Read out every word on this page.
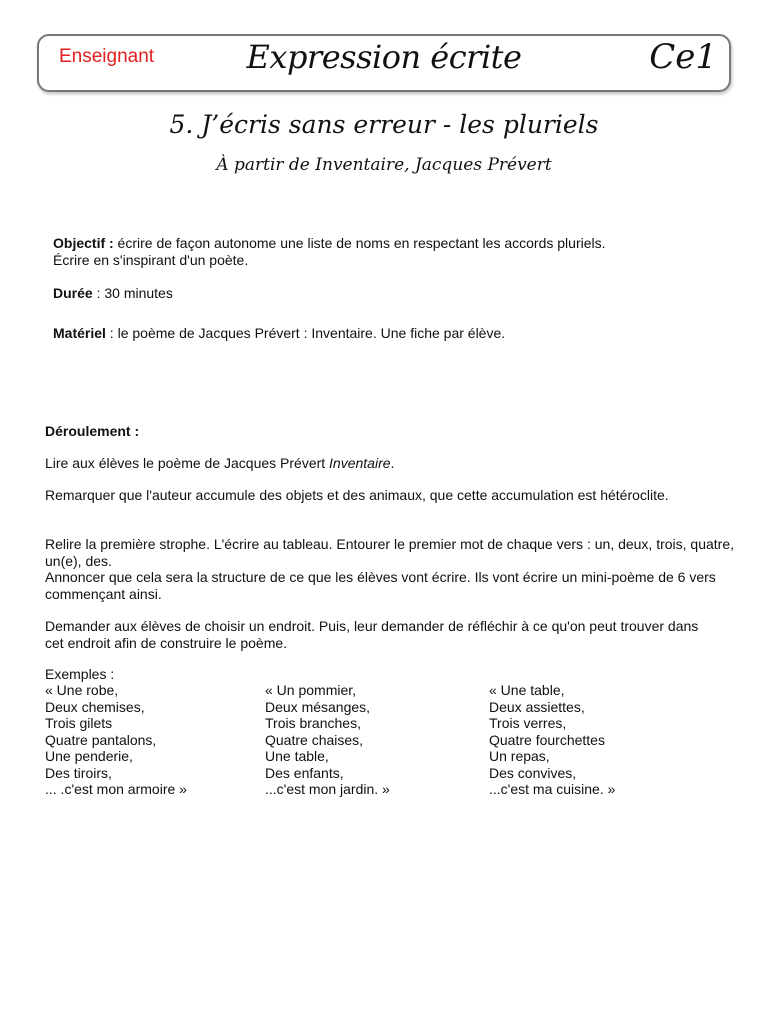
Enseignant	Expression écrite	Ce1
5. J’écris sans erreur - les pluriels
À partir de Inventaire, Jacques Prévert
Objectif : écrire de façon autonome une liste de noms en respectant les accords pluriels.
Écrire en s'inspirant d'un poète.
Durée : 30 minutes
Matériel : le poème de Jacques Prévert : Inventaire. Une fiche par élève.
Déroulement :

Lire aux élèves le poème de Jacques Prévert Inventaire.

Remarquer que l'auteur accumule des objets et des animaux, que cette accumulation est hétéroclite.

Relire la première strophe. L'écrire au tableau. Entourer le premier mot de chaque vers : un, deux, trois, quatre, un(e), des.

Annoncer que cela sera la structure de ce que les élèves vont écrire. Ils vont écrire un mini-poème de 6 vers commençant ainsi.

Demander aux élèves de choisir un endroit. Puis, leur demander de réfléchir à ce qu'on peut trouver dans cet endroit afin de construire le poème.

Exemples :
« Une robe,
Deux chemises,
Trois gilets
Quatre pantalons,
Une penderie,
Des tiroirs,
... .c'est mon armoire »
« Un pommier,
Deux mésanges,
Trois branches,
Quatre chaises,
Une table,
Des enfants,
...c'est mon jardin. »
« Une table,
Deux assiettes,
Trois verres,
Quatre fourchettes
Un repas,
Des convives,
...c'est ma cuisine. »
